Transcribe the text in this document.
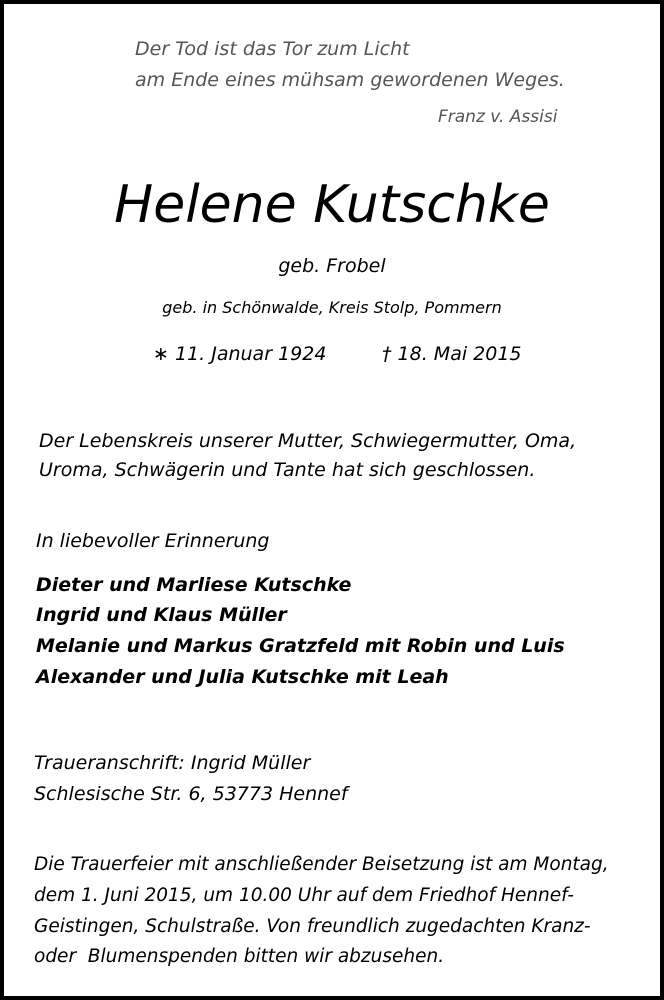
Der Tod ist das Tor zum Licht

am Ende eines mühsam gewordenen Weges.

Franz v. Assisi

Helene Kutschke

geb. Frobel

geb. in Schönwalde, Kreis Stolp, Pommern

∗ 11. Januar 1924	† 18. Mai 2015

Der Lebenskreis unserer Mutter, Schwiegermutter, Oma,

Uroma, Schwägerin und Tante hat sich geschlossen.

In liebevoller Erinnerung

Dieter und Marliese Kutschke

Ingrid und Klaus Müller

Melanie und Markus Gratzfeld mit Robin und Luis

Alexander und Julia Kutschke mit Leah

Traueranschrift: Ingrid Müller

Schlesische Str. 6, 53773 Hennef

Die Trauerfeier mit anschließender Beisetzung ist am Montag,

dem 1. Juni 2015, um 10.00 Uhr auf dem Friedhof Hennef-

Geistingen, Schulstraße. Von freundlich zugedachten Kranz-

oder  Blumenspenden bitten wir abzusehen.
